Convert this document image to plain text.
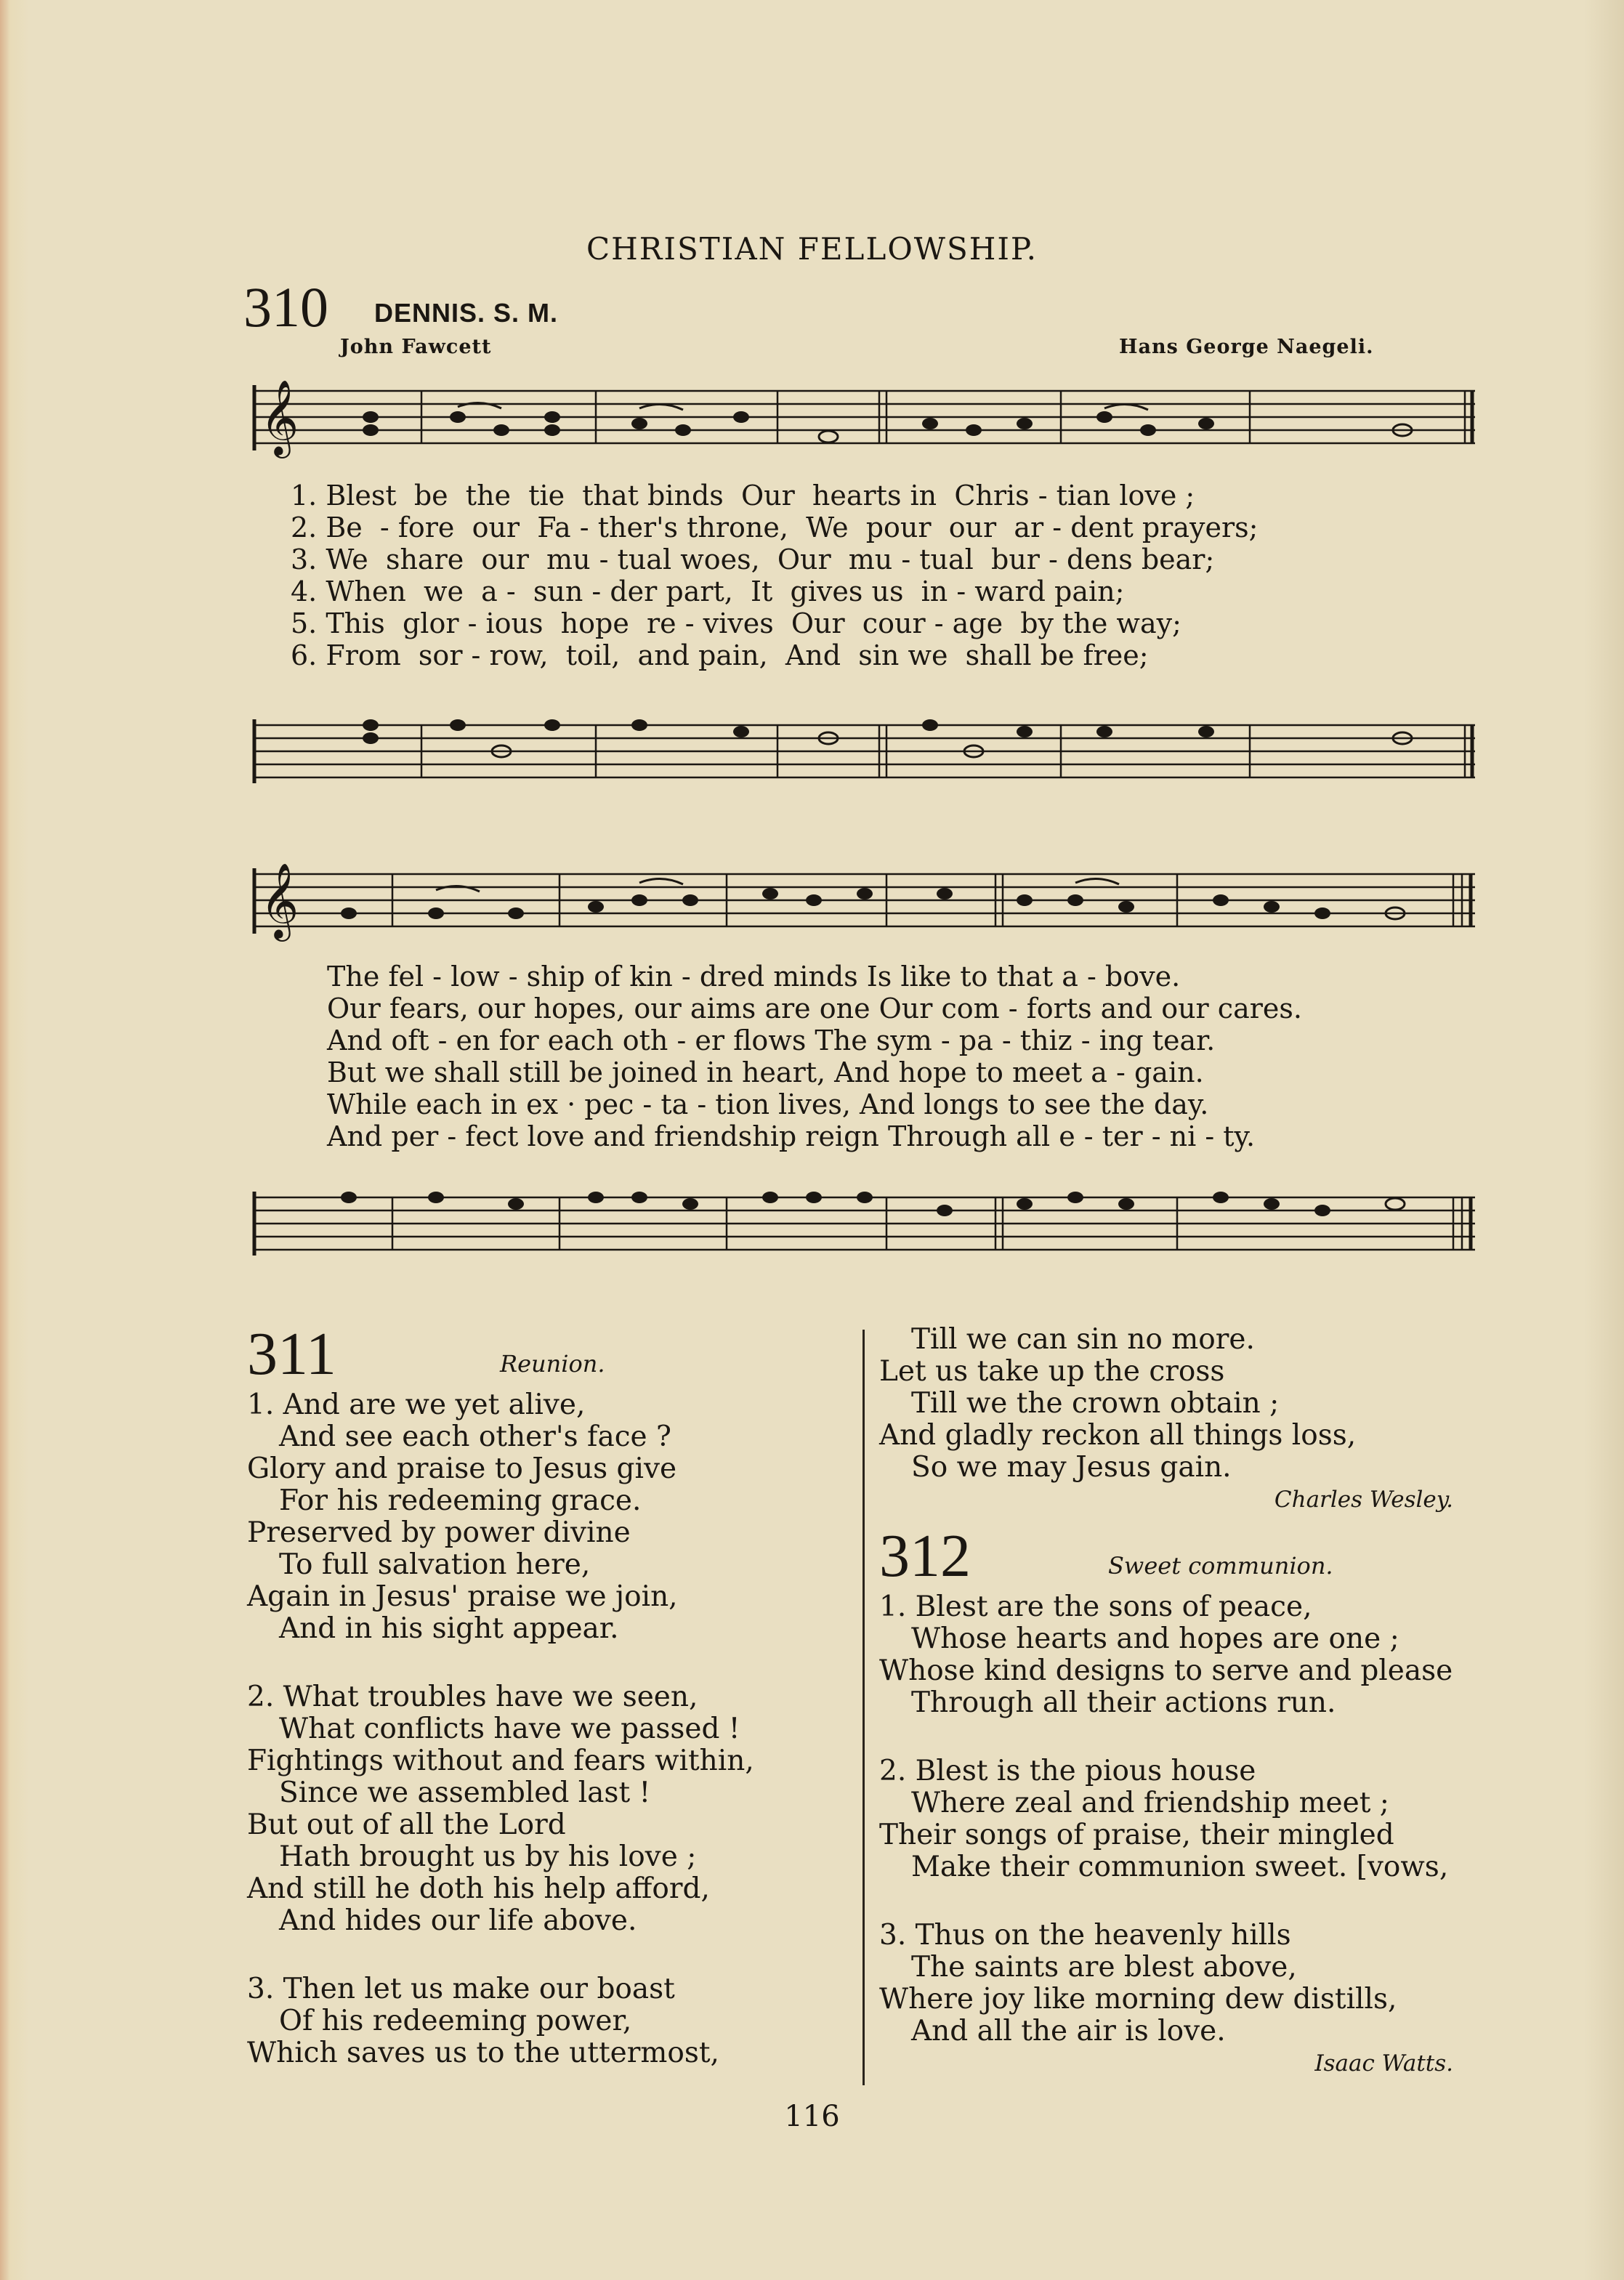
CHRISTIAN FELLOWSHIP.
310 DENNIS. S. M.
John Fawcett	Hans George Naegeli.
𝄞
1. Blest  be  the  tie  that binds  Our  hearts in  Chris - tian love ;
2. Be  - fore  our  Fa - ther's throne,  We  pour  our  ar - dent prayers;
3. We  share  our  mu - tual woes,  Our  mu - tual  bur - dens bear;
4. When  we  a -  sun - der part,  It  gives us  in - ward pain;
5. This  glor - ious  hope  re - vives  Our  cour - age  by the way;
6. From  sor - row,  toil,  and pain,  And  sin we  shall be free;
𝄞
The fel - low - ship of kin - dred minds Is like to that a - bove.
Our fears, our hopes, our aims are one Our com - forts and our cares.
And oft - en for each oth - er flows The sym - pa - thiz - ing tear.
But we shall still be joined in heart, And hope to meet a - gain.
While each in ex · pec - ta - tion lives, And longs to see the day.
And per - fect love and friendship reign Through all e - ter - ni - ty.
311	Reunion.
1. And are we yet alive,
And see each other's face ?
Glory and praise to Jesus give
For his redeeming grace.
Preserved by power divine
To full salvation here,
Again in Jesus' praise we join,
And in his sight appear.
2. What troubles have we seen,
What conflicts have we passed !
Fightings without and fears within,
Since we assembled last !
But out of all the Lord
Hath brought us by his love ;
And still he doth his help afford,
And hides our life above.
3. Then let us make our boast
Of his redeeming power,
Which saves us to the uttermost,
Till we can sin no more.
Let us take up the cross
Till we the crown obtain ;
And gladly reckon all things loss,
So we may Jesus gain.
Charles Wesley.
312	Sweet communion.
1. Blest are the sons of peace,
Whose hearts and hopes are one ;
Whose kind designs to serve and please
Through all their actions run.
2. Blest is the pious house
Where zeal and friendship meet ;
Their songs of praise, their mingled
Make their communion sweet. [vows,
3. Thus on the heavenly hills
The saints are blest above,
Where joy like morning dew distills,
And all the air is love.
Isaac Watts.
116
